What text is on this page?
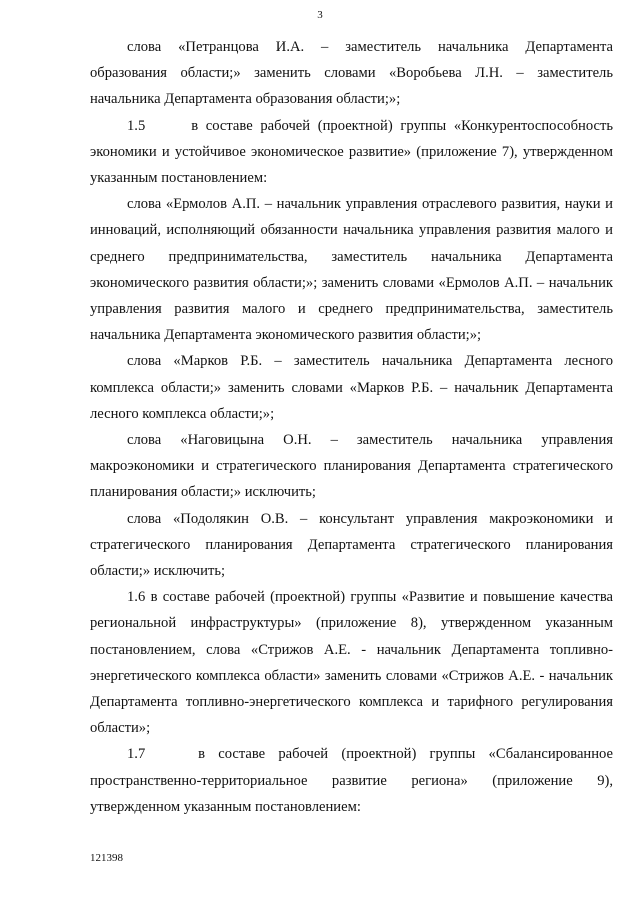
3

слова «Петранцова И.А. – заместитель начальника Департамента образования области;» заменить словами «Воробьева Л.Н. – заместитель начальника Департамента образования области;»;

1.5      в составе рабочей (проектной) группы «Конкурентоспособность экономики и устойчивое экономическое развитие» (приложение 7), утвержденном указанным постановлением:

слова «Ермолов А.П. – начальник управления отраслевого развития, науки и инноваций, исполняющий обязанности начальника управления развития малого и среднего предпринимательства, заместитель начальника Департамента экономического развития области;»; заменить словами «Ермолов А.П. – начальник управления развития малого и среднего предпринимательства, заместитель начальника Департамента экономического развития области;»;

слова «Марков Р.Б. – заместитель начальника Департамента лесного комплекса области;» заменить словами «Марков Р.Б. – начальник Департамента лесного комплекса области;»;

слова «Наговицына О.Н. – заместитель начальника управления макроэкономики и стратегического планирования Департамента стратегического планирования области;» исключить;

слова «Подолякин О.В. – консультант управления макроэкономики и стратегического планирования Департамента стратегического планирования области;» исключить;

1.6 в составе рабочей (проектной) группы «Развитие и повышение качества региональной инфраструктуры» (приложение 8), утвержденном указанным постановлением, слова «Стрижов А.Е. - начальник Департамента топливно-энергетического комплекса области» заменить словами «Стрижов А.Е. - начальник Департамента топливно-энергетического комплекса и тарифного регулирования области»;

1.7    в составе рабочей (проектной) группы «Сбалансированное пространственно-территориальное развитие региона» (приложение 9), утвержденном указанным постановлением:

121398
